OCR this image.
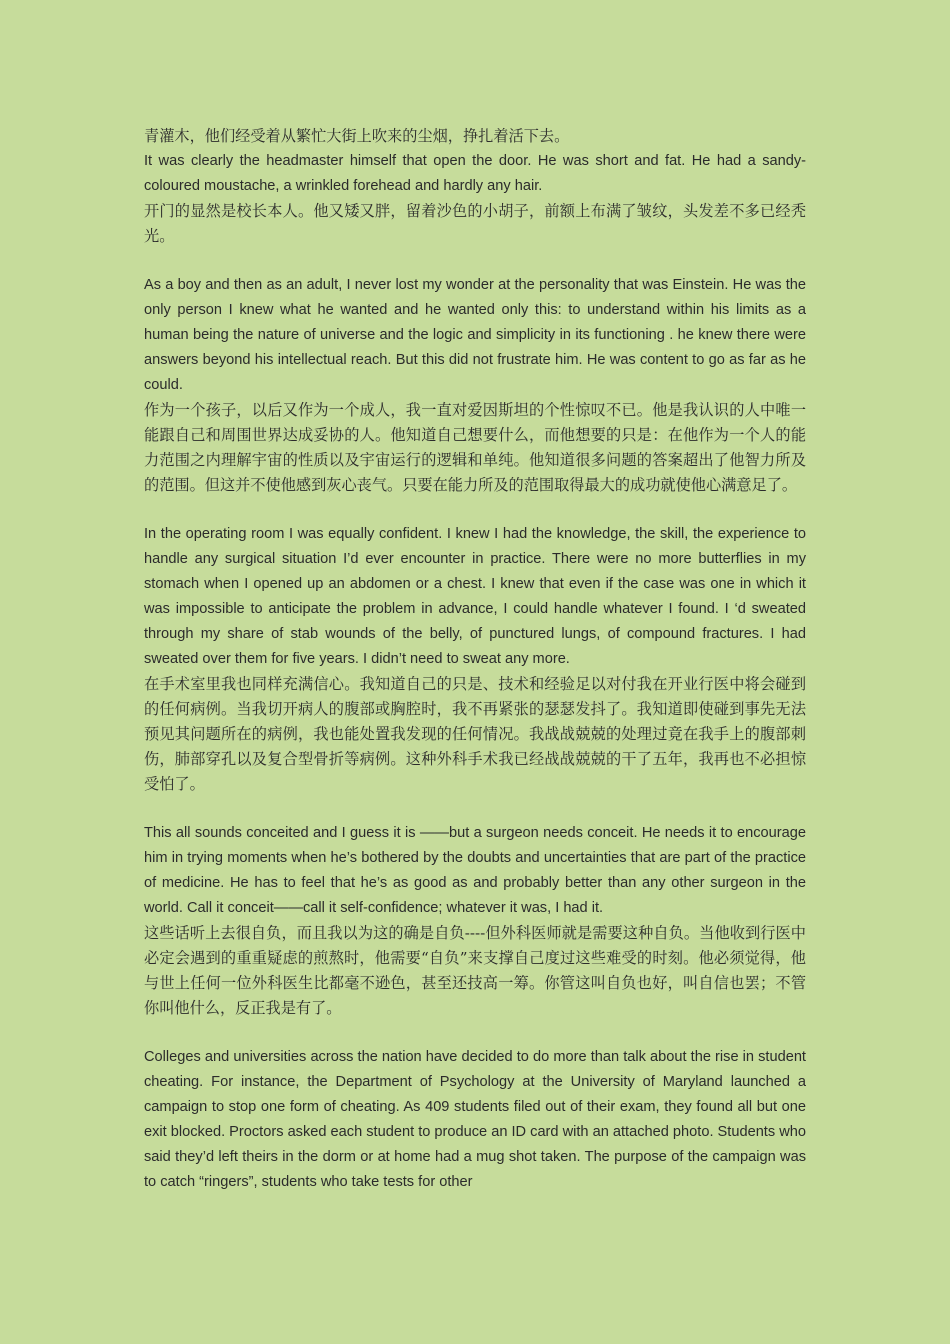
青灌木，他们经受着从繁忙大街上吹来的尘烟，挣扎着活下去。

It was clearly the headmaster himself that open the door. He was short and fat. He had a sandy-coloured moustache, a wrinkled forehead and hardly any hair.

开门的显然是校长本人。他又矮又胖，留着沙色的小胡子，前额上布满了皱纹，头发差不多已经秃光。

As a boy and then as an adult, I never lost my wonder at the personality that was Einstein. He was the only person I knew what he wanted and he wanted only this: to understand within his limits as a human being the nature of universe and the logic and simplicity in its functioning . he knew there were answers beyond his intellectual reach. But this did not frustrate him. He was content to go as far as he could.

作为一个孩子，以后又作为一个成人，我一直对爱因斯坦的个性惊叹不已。他是我认识的人中唯一能跟自己和周围世界达成妥协的人。他知道自己想要什么，而他想要的只是：在他作为一个人的能力范围之内理解宇宙的性质以及宇宙运行的逻辑和单纯。他知道很多问题的答案超出了他智力所及的范围。但这并不使他感到灰心丧气。只要在能力所及的范围取得最大的成功就使他心满意足了。

In the operating room I was equally confident. I knew I had the knowledge, the skill, the experience to handle any surgical situation I’d ever encounter in practice. There were no more butterflies in my stomach when I opened up an abdomen or a chest. I knew that even if the case was one in which it was impossible to anticipate the problem in advance, I could handle whatever I found. I ‘d sweated through my share of stab wounds of the belly, of punctured lungs, of compound fractures. I had sweated over them for five years. I didn’t need to sweat any more.

在手术室里我也同样充满信心。我知道自己的只是、技术和经验足以对付我在开业行医中将会碰到的任何病例。当我切开病人的腹部或胸腔时，我不再紧张的瑟瑟发抖了。我知道即使碰到事先无法预见其问题所在的病例，我也能处置我发现的任何情况。我战战兢兢的处理过竟在我手上的腹部刺伤，肺部穿孔以及复合型骨折等病例。这种外科手术我已经战战兢兢的干了五年，我再也不必担惊受怕了。

This all sounds conceited and I guess it is ——but a surgeon needs conceit. He needs it to encourage him in trying moments when he’s bothered by the doubts and uncertainties that are part of the practice of medicine. He has to feel that he’s as good as and probably better than any other surgeon in the world. Call it conceit——call it self-confidence; whatever it was, I had it.

这些话听上去很自负，而且我以为这的确是自负----但外科医师就是需要这种自负。当他收到行医中必定会遇到的重重疑虑的煎熬时，他需要“自负”来支撑自己度过这些难受的时刻。他必须觉得，他与世上任何一位外科医生比都毫不逊色，甚至还技高一筹。你管这叫自负也好，叫自信也罢；不管你叫他什么，反正我是有了。

Colleges and universities across the nation have decided to do more than talk about the rise in student cheating. For instance, the Department of Psychology at the University of Maryland launched a campaign to stop one form of cheating. As 409 students filed out of their exam, they found all but one exit blocked. Proctors asked each student to produce an ID card with an attached photo. Students who said they’d left theirs in the dorm or at home had a mug shot taken. The purpose of the campaign was to catch “ringers”, students who take tests for other
